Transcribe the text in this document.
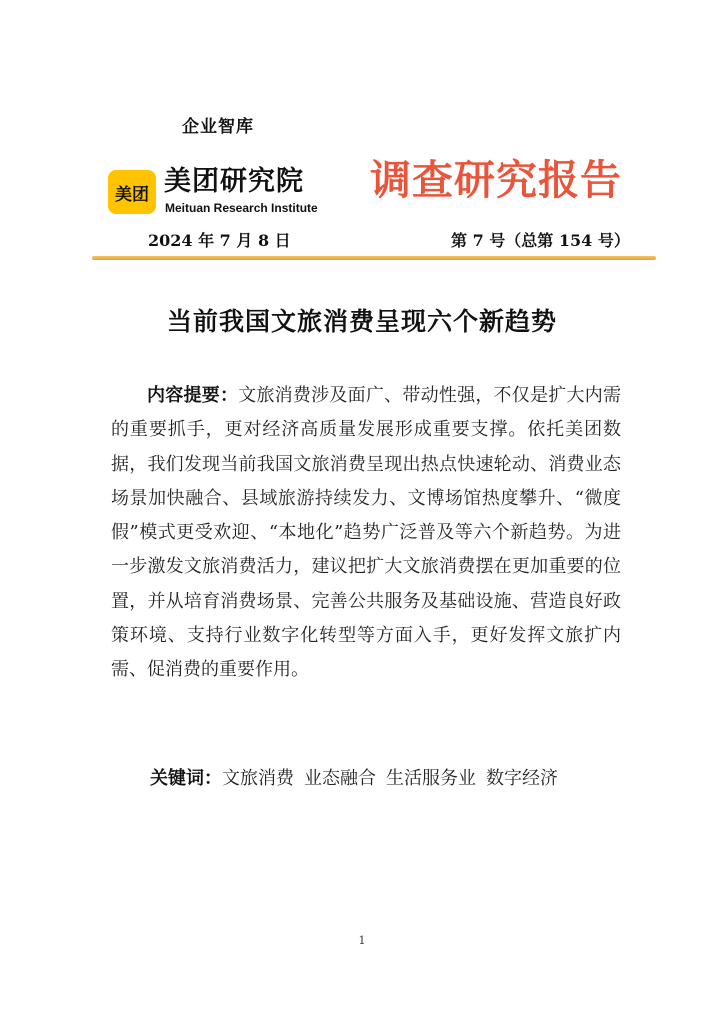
企业智库
美团 美团研究院
Meituan Research Institute
调查研究报告
2024 年 7 月 8 日	第 7 号（总第 154 号）
当前我国文旅消费呈现六个新趋势

内容提要：文旅消费涉及面广、带动性强，不仅是扩大内需的重要抓手，更对经济高质量发展形成重要支撑。依托美团数据，我们发现当前我国文旅消费呈现出热点快速轮动、消费业态场景加快融合、县域旅游持续发力、文博场馆热度攀升、“微度假”模式更受欢迎、“本地化”趋势广泛普及等六个新趋势。为进一步激发文旅消费活力，建议把扩大文旅消费摆在更加重要的位置，并从培育消费场景、完善公共服务及基础设施、营造良好政策环境、支持行业数字化转型等方面入手，更好发挥文旅扩内需、促消费的重要作用。

关键词：文旅消费 业态融合 生活服务业 数字经济
1
